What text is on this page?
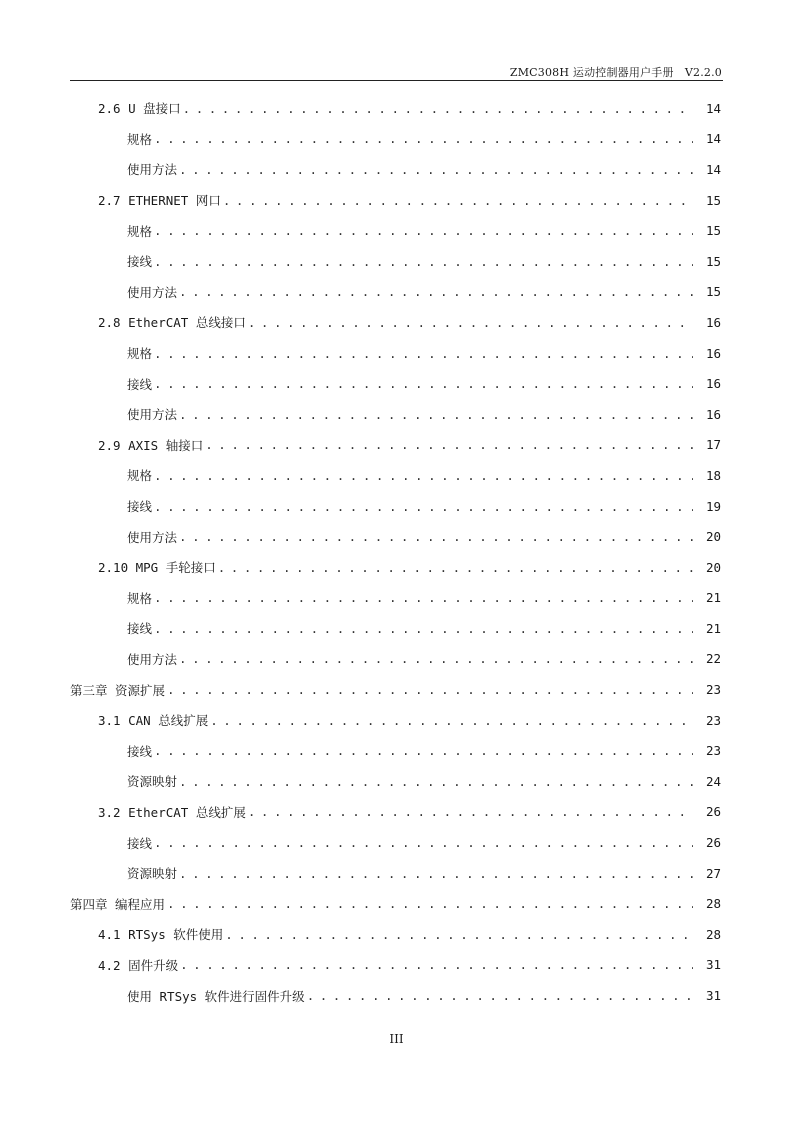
ZMC308H 运动控制器用户手册　V2.2.0
2.6 U 盘接口 . . .	14
规格 . . .	14
使用方法 . . .	14
2.7 ETHERNET 网口 . . .	15
规格 . . .	15
接线 . . .	15
使用方法 . . .	15
2.8 EtherCAT 总线接口 . . .	16
规格 . . .	16
接线 . . .	16
使用方法 . . .	16
2.9 AXIS 轴接口 . . .	17
规格 . . .	18
接线 . . .	19
使用方法 . . .	20
2.10 MPG 手轮接口 . . .	20
规格 . . .	21
接线 . . .	21
使用方法 . . .	22
第三章 资源扩展 . . .	23
3.1 CAN 总线扩展 . . .	23
接线 . . .	23
资源映射 . . .	24
3.2 EtherCAT 总线扩展 . . .	26
接线 . . .	26
资源映射 . . .	27
第四章 编程应用 . . .	28
4.1 RTSys 软件使用 . . .	28
4.2 固件升级 . . .	31
使用 RTSys 软件进行固件升级 . . .	31
III
